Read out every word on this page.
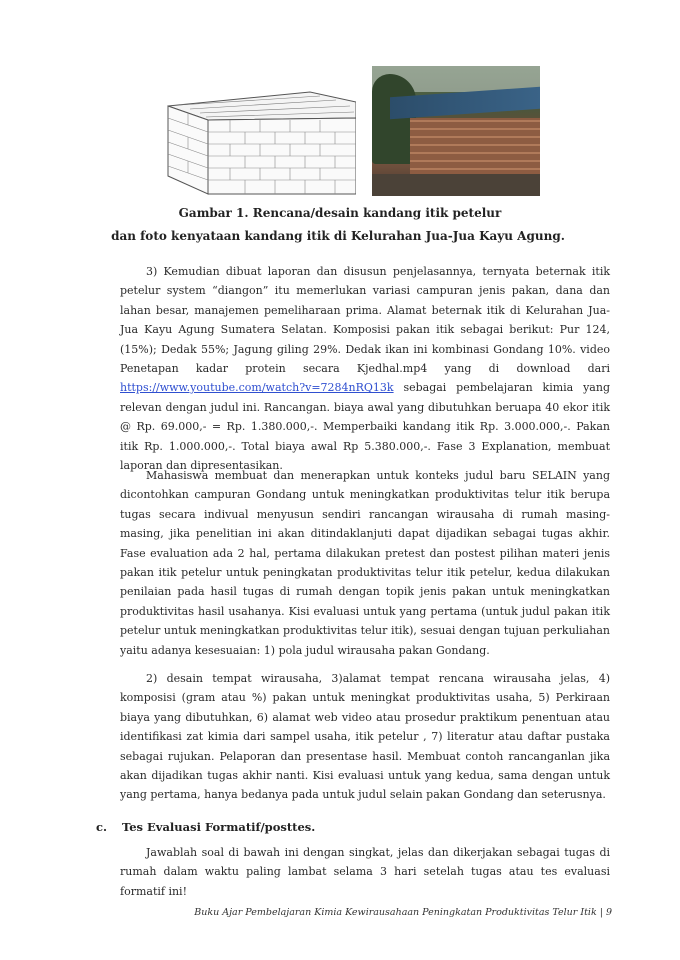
Gambar 1. Rencana/desain kandang itik petelur
dan foto kenyataan kandang itik di Kelurahan Jua-Jua Kayu Agung.

3) Kemudian dibuat laporan dan disusun penjelasannya, ternyata beternak itik petelur system “diangon” itu memerlukan variasi campuran jenis pakan, dana dan lahan besar, manajemen pemeliharaan prima. Alamat beternak itik di Kelurahan Jua- Jua Kayu Agung Sumatera Selatan. Komposisi pakan itik sebagai berikut: Pur 124, (15%); Dedak 55%; Jagung giling 29%. Dedak ikan ini kombinasi Gondang 10%. video Penetapan kadar protein secara Kjedhal.mp4 yang di download dari https://www.youtube.com/watch?v=7284nRQ13k sebagai pembelajaran kimia yang relevan dengan judul ini. Rancangan. biaya awal yang dibutuhkan beruapa 40 ekor itik @ Rp. 69.000,- = Rp. 1.380.000,-. Memperbaiki kandang itik Rp. 3.000.000,-. Pakan itik Rp. 1.000.000,-. Total biaya awal Rp 5.380.000,-. Fase 3 Explanation, membuat laporan dan dipresentasikan.

Mahasiswa membuat dan menerapkan untuk konteks judul baru SELAIN yang dicontohkan campuran Gondang untuk meningkatkan produktivitas telur itik berupa tugas secara indivual menyusun sendiri rancangan wirausaha di rumah masing- masing, jika penelitian ini akan ditindaklanjuti dapat dijadikan sebagai tugas akhir. Fase evaluation ada 2 hal, pertama dilakukan pretest dan postest pilihan materi jenis pakan itik petelur untuk peningkatan produktivitas telur itik petelur, kedua dilakukan penilaian pada hasil tugas di rumah dengan topik jenis pakan untuk meningkatkan produktivitas hasil usahanya. Kisi evaluasi untuk yang pertama (untuk judul pakan itik petelur untuk meningkatkan produktivitas telur itik), sesuai dengan tujuan perkuliahan yaitu adanya kesesuaian: 1) pola judul wirausaha pakan Gondang.

2) desain tempat wirausaha, 3)alamat tempat rencana wirausaha jelas, 4) komposisi (gram atau %) pakan untuk meningkat produktivitas usaha, 5) Perkiraan biaya yang dibutuhkan, 6) alamat web video atau prosedur praktikum penentuan atau identifikasi zat kimia dari sampel usaha, itik petelur , 7) literatur atau daftar pustaka sebagai rujukan. Pelaporan dan presentase hasil. Membuat contoh rancanganlan jika akan dijadikan tugas akhir nanti. Kisi evaluasi untuk yang kedua, sama dengan untuk yang pertama, hanya bedanya pada untuk judul selain pakan Gondang dan seterusnya.

c. Tes Evaluasi Formatif/posttes.

Jawablah soal di bawah ini dengan singkat, jelas dan dikerjakan sebagai tugas di rumah dalam waktu paling lambat selama 3 hari setelah tugas atau tes evaluasi formatif ini!

Buku Ajar Pembelajaran Kimia Kewirausahaan Peningkatan Produktivitas Telur Itik | 9
